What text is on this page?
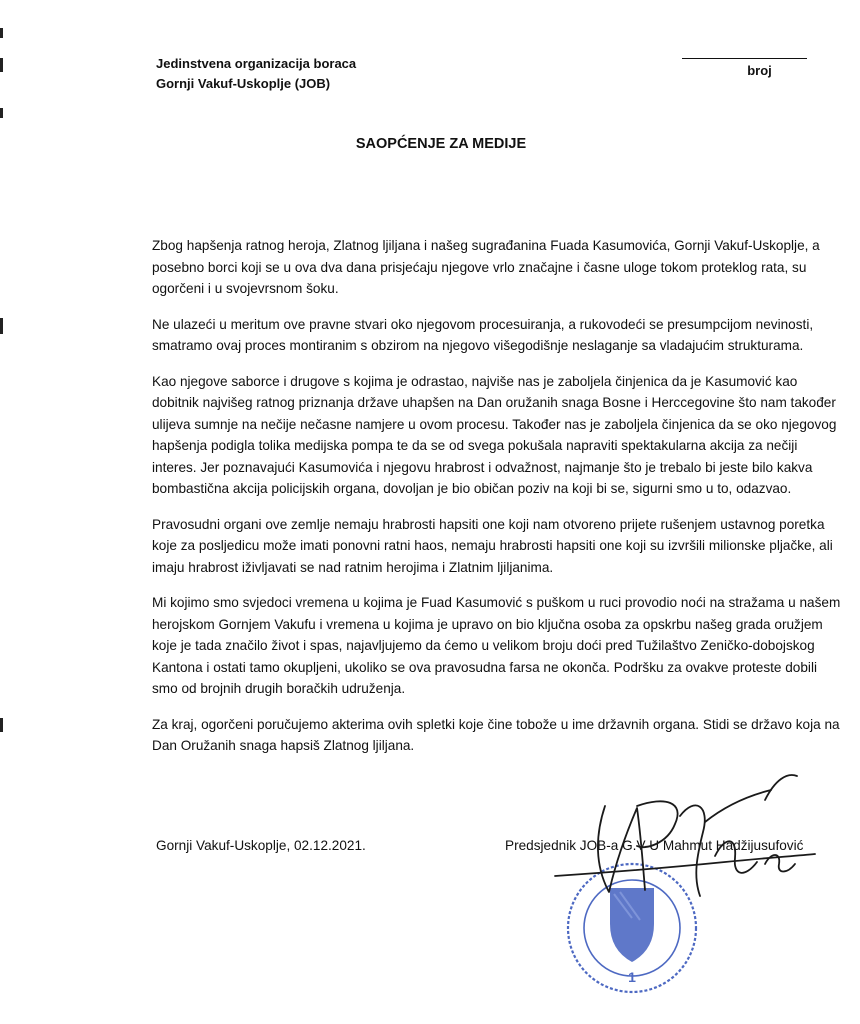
Jedinstvena organizacija boraca
Gornji Vakuf-Uskoplje (JOB)
broj
SAOPĆENJE ZA MEDIJE

Zbog hapšenja ratnog heroja, Zlatnog ljiljana i našeg sugrađanina Fuada Kasumovića, Gornji Vakuf-Uskoplje, a posebno borci koji se u ova dva dana prisjećaju njegove vrlo značajne i časne uloge tokom proteklog rata, su ogorčeni i u svojevrsnom šoku.

Ne ulazeći u meritum ove pravne stvari oko njegovom procesuiranja, a rukovodeći se presumpcijom nevinosti, smatramo ovaj proces montiranim s obzirom na njegovo višegodišnje neslaganje sa vladajućim strukturama.

Kao njegove saborce i drugove s kojima je odrastao, najviše nas je zaboljela činjenica da je Kasumović kao dobitnik najvišeg ratnog priznanja države uhapšen na Dan oružanih snaga Bosne i Herccegovine što nam također ulijeva sumnje na nečije nečasne namjere u ovom procesu. Također nas je zaboljela činjenica da se oko njegovog hapšenja podigla tolika medijska pompa te da se od svega pokušala napraviti spektakularna akcija za nečiji interes. Jer poznavajući Kasumovića i njegovu hrabrost i odvažnost, najmanje što je trebalo bi jeste bilo kakva bombastična akcija policijskih organa, dovoljan je bio običan poziv na koji bi se, sigurni smo u to, odazvao.

Pravosudni organi ove zemlje nemaju hrabrosti hapsiti one koji nam otvoreno prijete rušenjem ustavnog poretka koje za posljedicu može imati ponovni ratni haos, nemaju hrabrosti hapsiti one koji su izvršili milionske pljačke, ali imaju hrabrost iživljavati se nad ratnim herojima i Zlatnim ljiljanima.

Mi kojimo smo svjedoci vremena u kojima je Fuad Kasumović s puškom u ruci provodio noći na stražama u našem herojskom Gornjem Vakufu i vremena u kojima je upravo on bio ključna osoba za opskrbu našeg grada oružjem koje je tada značilo život i spas, najavljujemo da ćemo u velikom broju doći pred Tužilaštvo Zeničko-dobojskog Kantona i ostati tamo okupljeni, ukoliko se ova pravosudna farsa ne okonča. Podršku za ovakve proteste dobili smo od brojnih drugih boračkih udruženja.

Za kraj, ogorčeni poručujemo akterima ovih spletki koje čine tobože u ime državnih organa. Stidi se državo koja na Dan Oružanih snaga hapsiš Zlatnog ljiljana.

Gornji Vakuf-Uskoplje, 02.12.2021.
1
Predsjednik JOB-a G.V-U Mahmut Hadžijusufović
